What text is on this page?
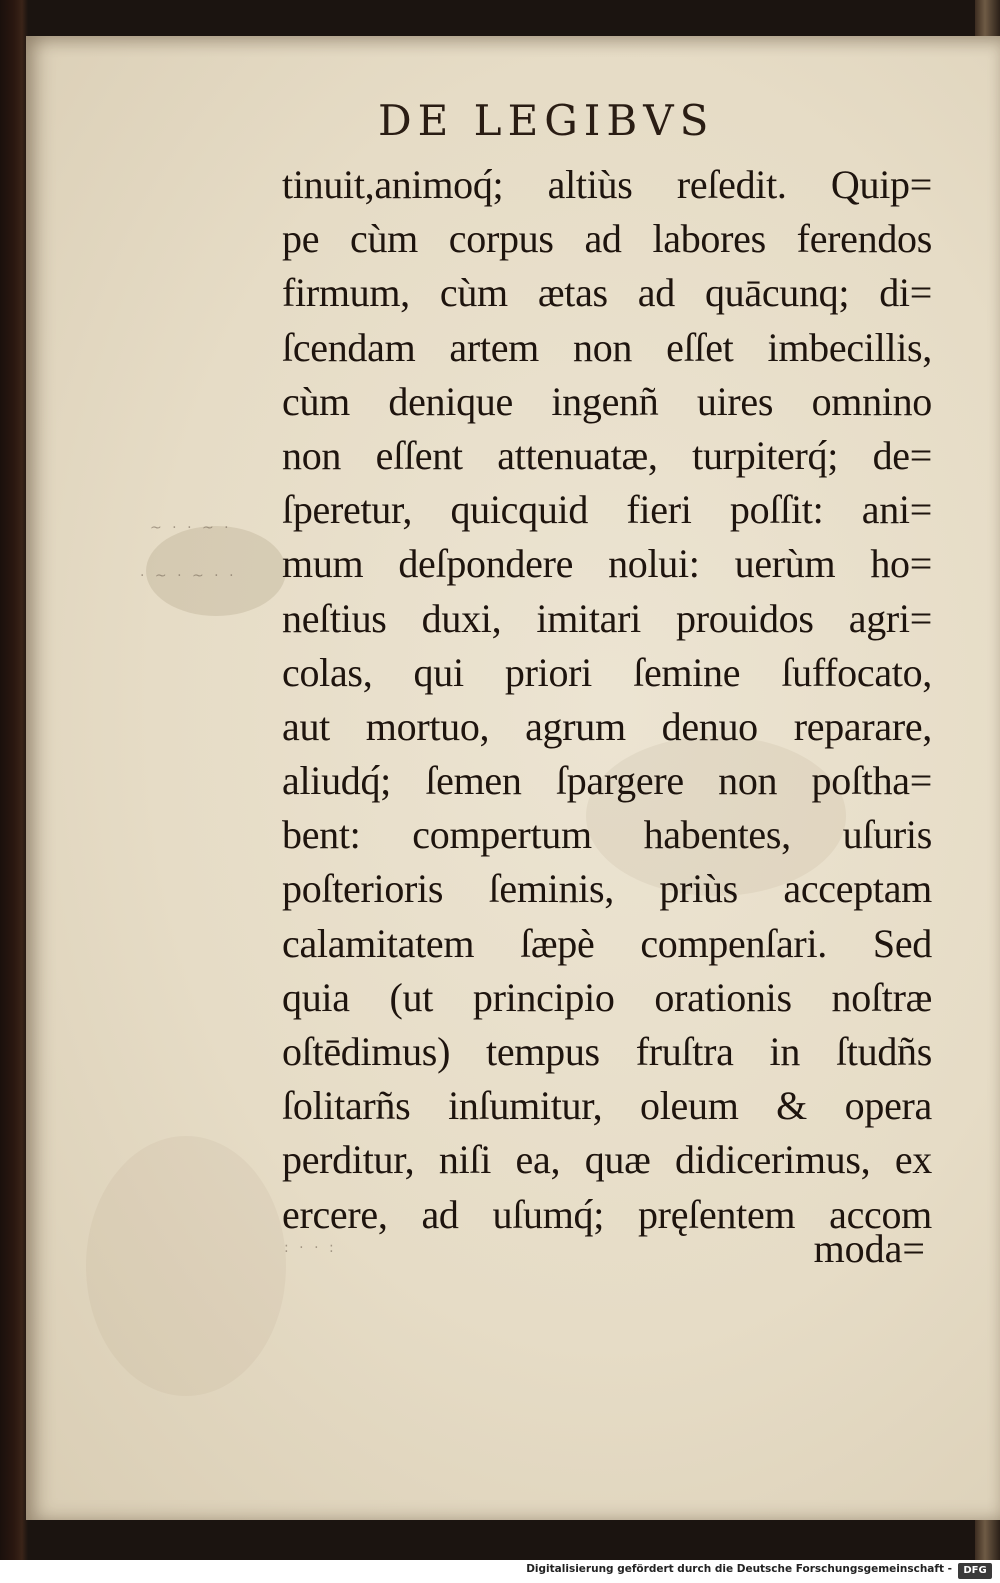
~ · · ~ ·
· ~ · ~ · ·
: · · :
DE LEGIBVS
tinuit,animoq́; altiùs reſedit. Quip=
pe cùm corpus ad labores ferendos
firmum, cùm ætas ad quācunq; di=
ſcendam artem non eſſet imbecillis,
cùm denique ingenñ uires omnino
non eſſent attenuatæ, turpiterq́; de=
ſperetur, quicquid fieri poſſit: ani=
mum deſpondere nolui: uerùm ho=
neſtius duxi, imitari prouidos agri=
colas, qui priori ſemine ſuffocato,
aut mortuo, agrum denuo reparare,
aliudq́; ſemen ſpargere non poſtha=
bent: compertum habentes, uſuris
poſterioris ſeminis, priùs acceptam
calamitatem ſæpè compenſari. Sed
quia (ut principio orationis noſtræ
oſtēdimus) tempus fruſtra in ſtudñs
ſolitarñs inſumitur, oleum & opera
perditur, niſi ea, quæ didicerimus, ex
ercere, ad uſumq́; pręſentem accom
moda=
Digitalisierung gefördert durch die Deutsche Forschungsgemeinschaft -	DFG
